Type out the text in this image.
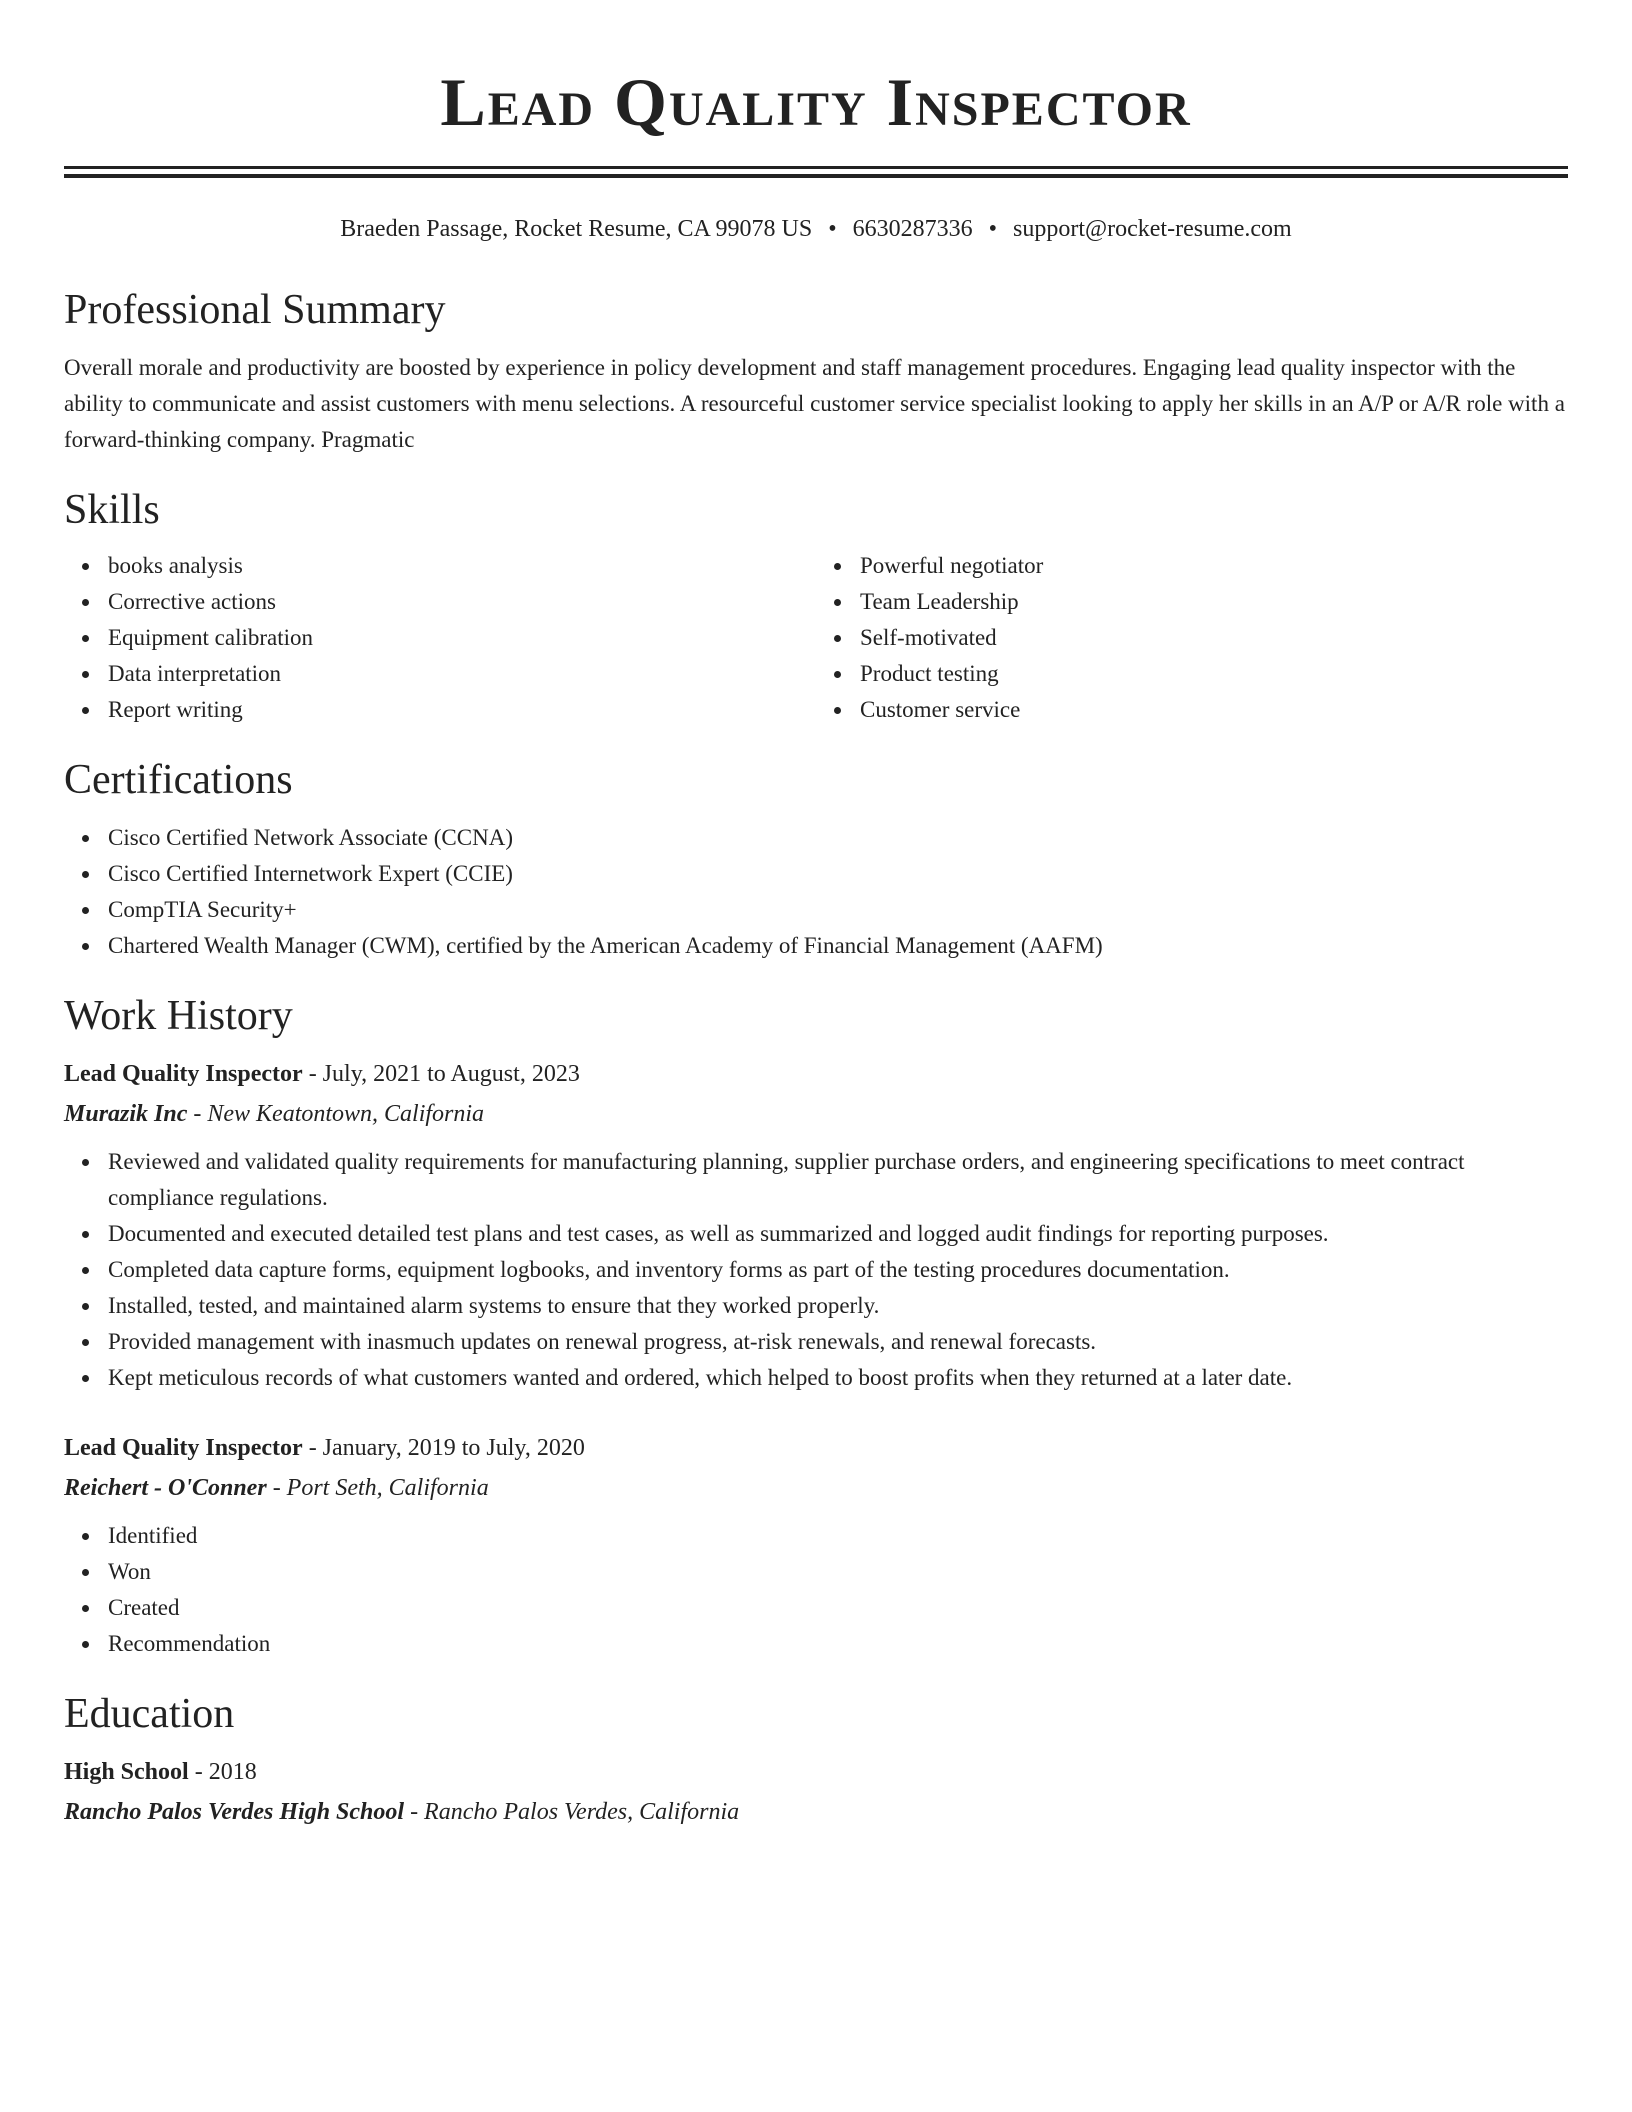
Lead Quality Inspector
Braeden Passage, Rocket Resume, CA 99078 US • 6630287336 • support@rocket-resume.com
Professional Summary

Overall morale and productivity are boosted by experience in policy development and staff management procedures. Engaging lead quality inspector with the ability to communicate and assist customers with menu selections. A resourceful customer service specialist looking to apply her skills in an A/P or A/R role with a forward-thinking company. Pragmatic

Skills
books analysis
Corrective actions
Equipment calibration
Data interpretation
Report writing
Powerful negotiator
Team Leadership
Self-motivated
Product testing
Customer service
Certifications
Cisco Certified Network Associate (CCNA)
Cisco Certified Internetwork Expert (CCIE)
CompTIA Security+
Chartered Wealth Manager (CWM), certified by the American Academy of Financial Management (AAFM)
Work History
Lead Quality Inspector - July, 2021 to August, 2023
Murazik Inc - New Keatontown, California
Reviewed and validated quality requirements for manufacturing planning, supplier purchase orders, and engineering specifications to meet contract compliance regulations.
Documented and executed detailed test plans and test cases, as well as summarized and logged audit findings for reporting purposes.
Completed data capture forms, equipment logbooks, and inventory forms as part of the testing procedures documentation.
Installed, tested, and maintained alarm systems to ensure that they worked properly.
Provided management with inasmuch updates on renewal progress, at-risk renewals, and renewal forecasts.
Kept meticulous records of what customers wanted and ordered, which helped to boost profits when they returned at a later date.
Lead Quality Inspector - January, 2019 to July, 2020
Reichert - O'Conner - Port Seth, California
Identified
Won
Created
Recommendation
Education
High School - 2018
Rancho Palos Verdes High School - Rancho Palos Verdes, California
